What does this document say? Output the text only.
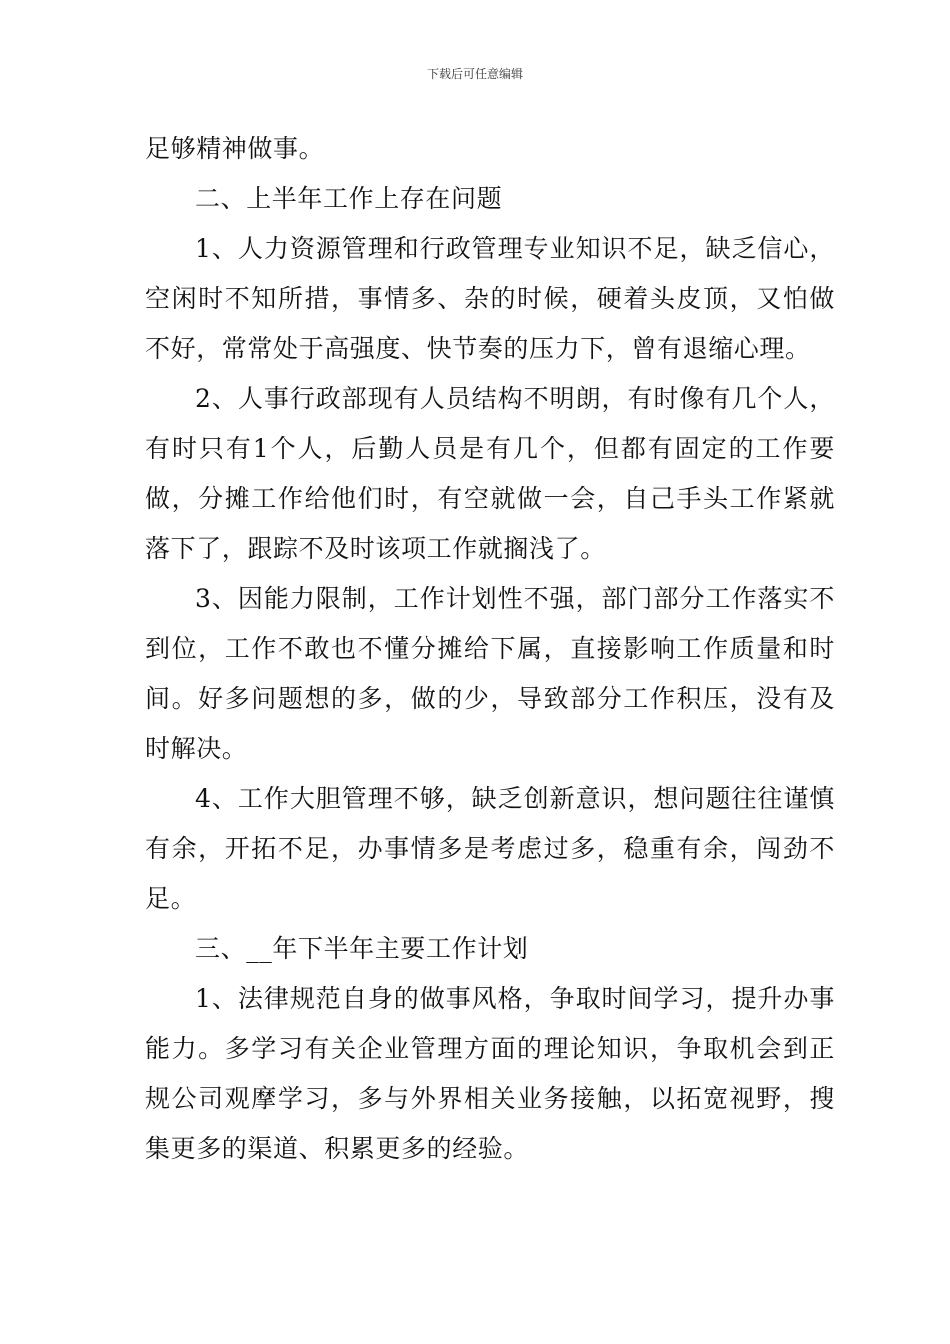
下载后可任意编辑

足够精神做事。

二、上半年工作上存在问题

1、人力资源管理和行政管理专业知识不足，缺乏信心，空闲时不知所措，事情多、杂的时候，硬着头皮顶，又怕做不好，常常处于高强度、快节奏的压力下，曾有退缩心理。

2、人事行政部现有人员结构不明朗，有时像有几个人，有时只有1个人，后勤人员是有几个，但都有固定的工作要做，分摊工作给他们时，有空就做一会，自己手头工作紧就落下了，跟踪不及时该项工作就搁浅了。

3、因能力限制，工作计划性不强，部门部分工作落实不到位，工作不敢也不懂分摊给下属，直接影响工作质量和时间。好多问题想的多，做的少，导致部分工作积压，没有及时解决。

4、工作大胆管理不够，缺乏创新意识，想问题往往谨慎有余，开拓不足，办事情多是考虑过多，稳重有余，闯劲不足。

三、__年下半年主要工作计划

1、法律规范自身的做事风格，争取时间学习，提升办事能力。多学习有关企业管理方面的理论知识，争取机会到正规公司观摩学习，多与外界相关业务接触，以拓宽视野，搜集更多的渠道、积累更多的经验。
